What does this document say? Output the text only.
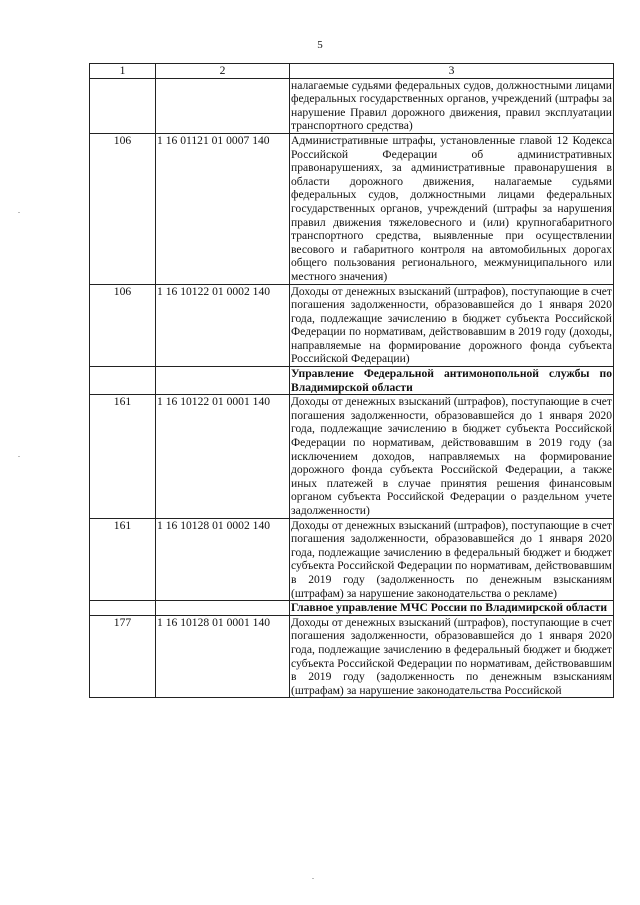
5
1	2	3
		налагаемые судьями федеральных судов, должностными лицами федеральных государственных органов, учреждений (штрафы за нарушение Правил дорожного движения, правил эксплуатации транспортного средства)
106	1 16 01121 01 0007 140	Административные штрафы, установленные главой 12 Кодекса Российской Федерации об административных правонарушениях, за административные правонарушения в области дорожного движения, налагаемые судьями федеральных судов, должностными лицами федеральных государственных органов, учреждений (штрафы за нарушения правил движения тяжеловесного и (или) крупногабаритного транспортного средства, выявленные при осуществлении весового и габаритного контроля на автомобильных дорогах общего пользования регионального, межмуниципального или местного значения)
106	1 16 10122 01 0002 140	Доходы от денежных взысканий (штрафов), поступающие в счет погашения задолженности, образовавшейся до 1 января 2020 года, подлежащие зачислению в бюджет субъекта Российской Федерации по нормативам, действовавшим в 2019 году (доходы, направляемые на формирование дорожного фонда субъекта Российской Федерации)
		Управление Федеральной антимонопольной службы по Владимирской области
161	1 16 10122 01 0001 140	Доходы от денежных взысканий (штрафов), поступающие в счет погашения задолженности, образовавшейся до 1 января 2020 года, подлежащие зачислению в бюджет субъекта Российской Федерации по нормативам, действовавшим в 2019 году (за исключением доходов, направляемых на формирование дорожного фонда субъекта Российской Федерации, а также иных платежей в случае принятия решения финансовым органом субъекта Российской Федерации о раздельном учете задолженности)
161	1 16 10128 01 0002 140	Доходы от денежных взысканий (штрафов), поступающие в счет погашения задолженности, образовавшейся до 1 января 2020 года, подлежащие зачислению в федеральный бюджет и бюджет субъекта Российской Федерации по нормативам, действовавшим в 2019 году (задолженность по денежным взысканиям (штрафам) за нарушение законодательства о рекламе)
		Главное управление МЧС России по Владимирской области
177	1 16 10128 01 0001 140	Доходы от денежных взысканий (штрафов), поступающие в счет погашения задолженности, образовавшейся до 1 января 2020 года, подлежащие зачислению в федеральный бюджет и бюджет субъекта Российской Федерации по нормативам, действовавшим в 2019 году (задолженность по денежным взысканиям (штрафам) за нарушение законодательства Российской
